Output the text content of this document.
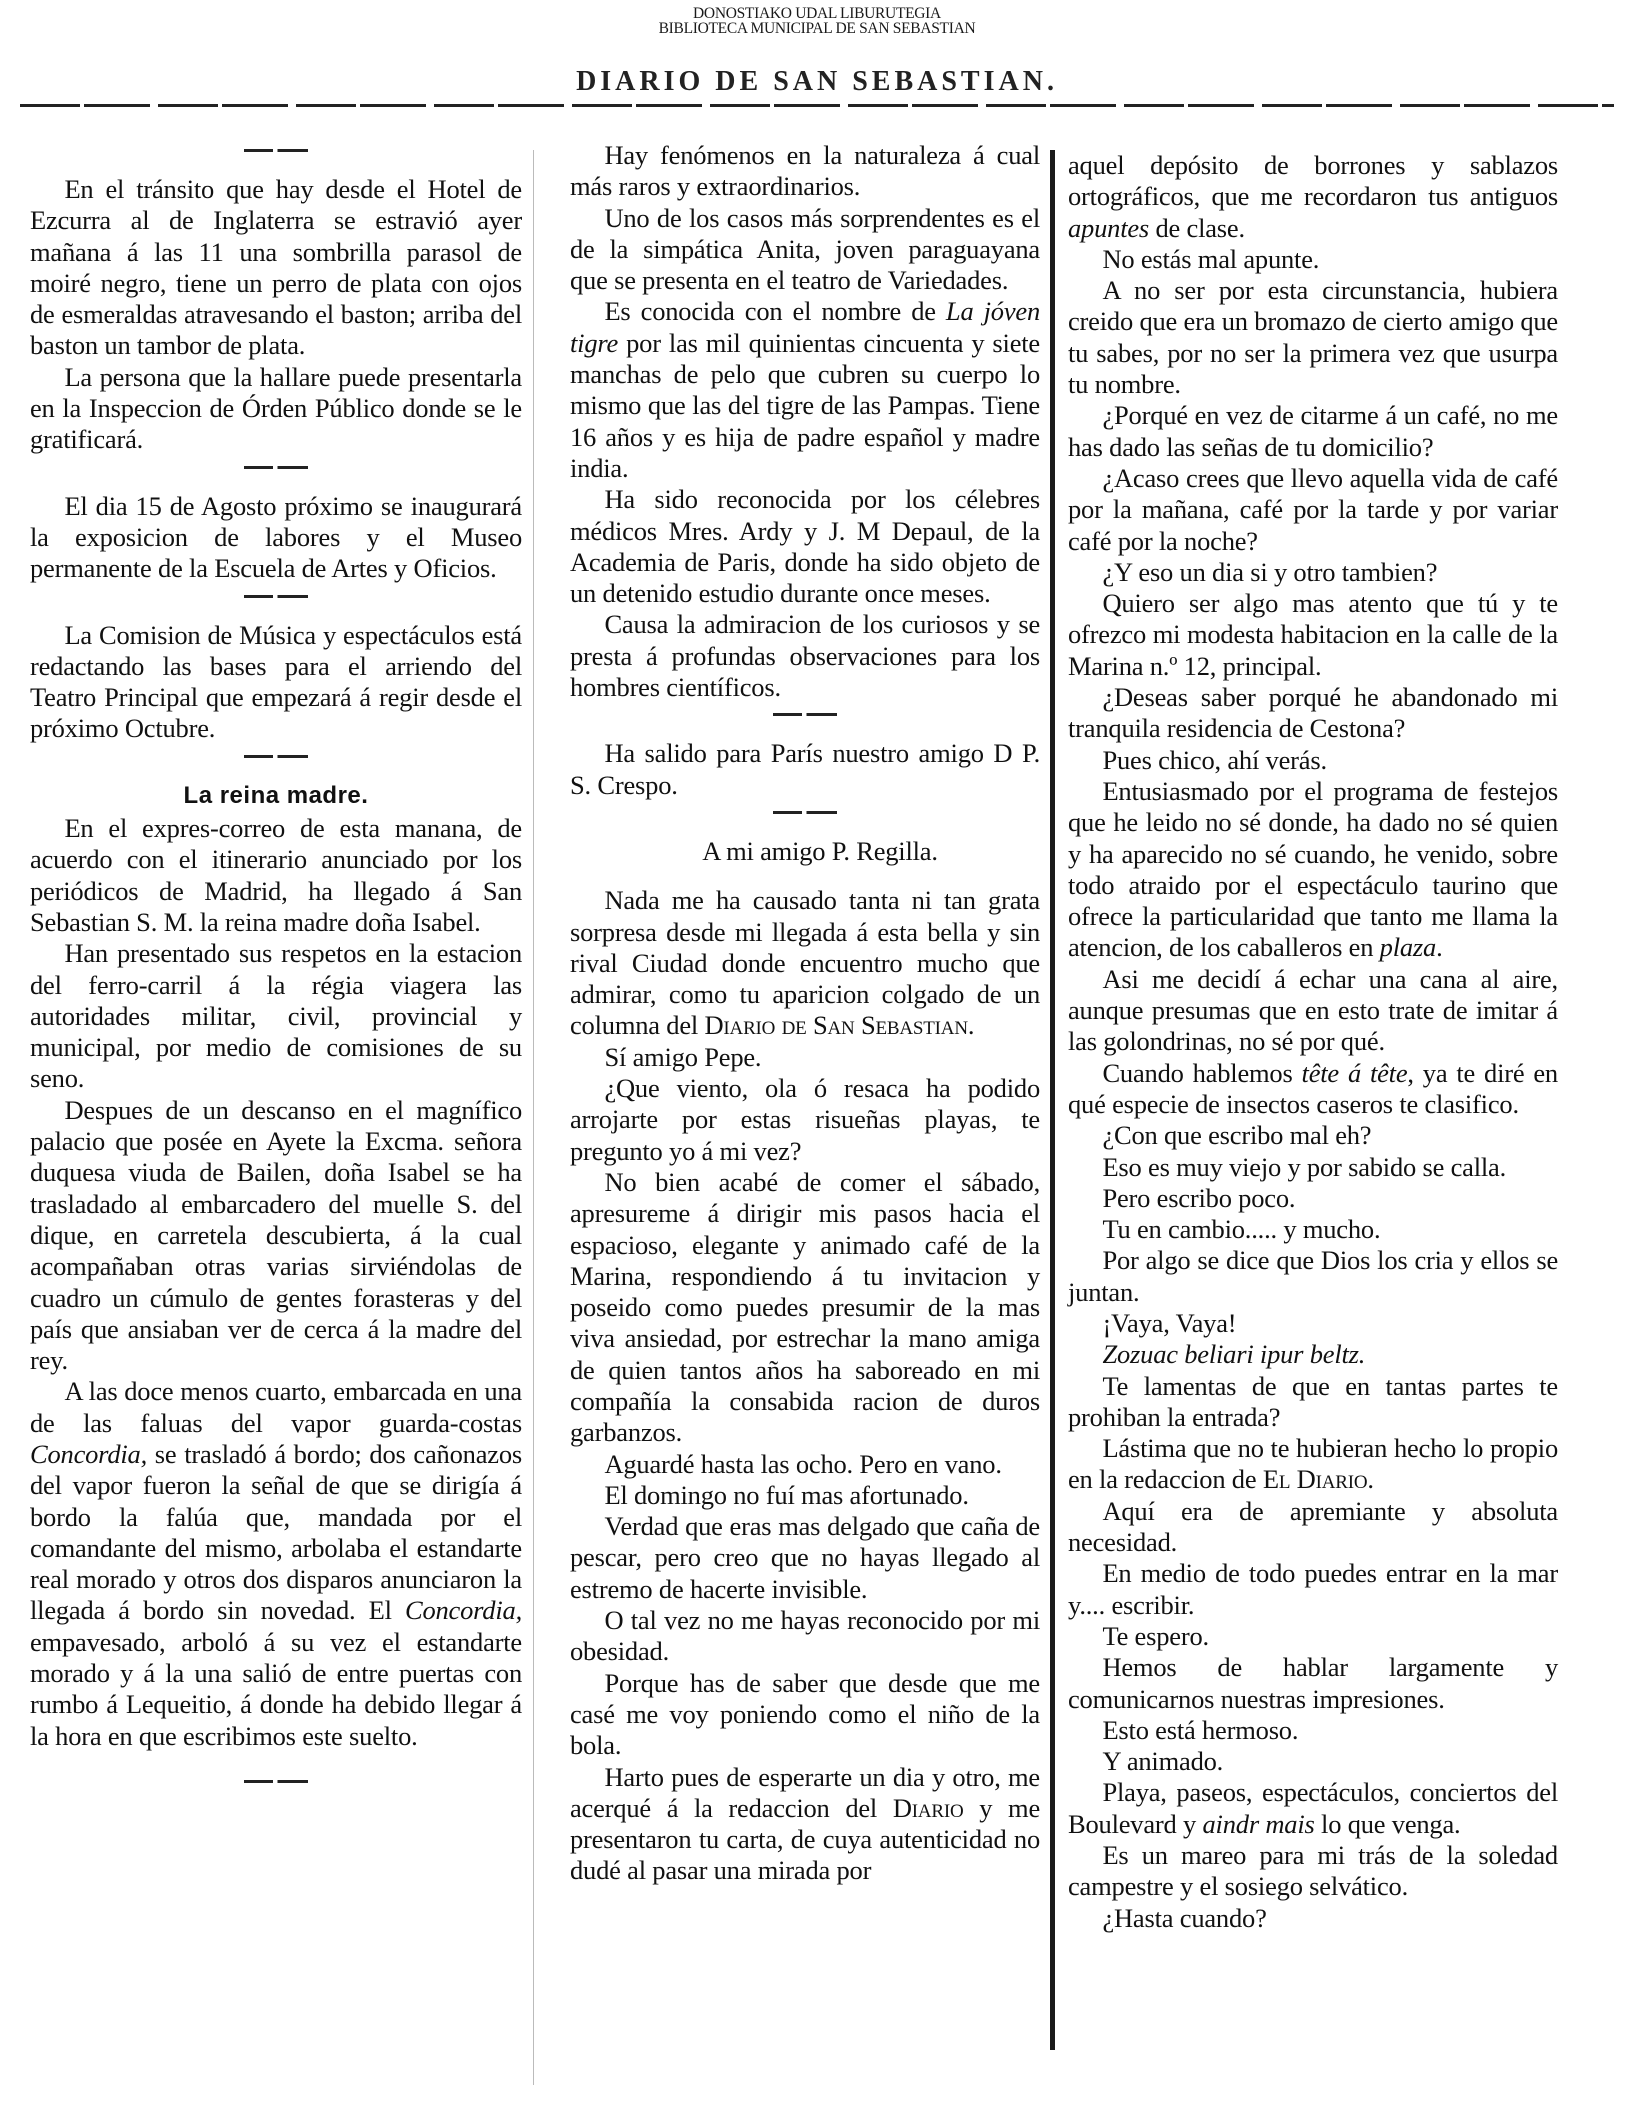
DONOSTIAKO UDAL LIBURUTEGIA
BIBLIOTECA MUNICIPAL DE SAN SEBASTIAN
DIARIO DE SAN SEBASTIAN.

En el tránsito que hay desde el Hotel de Ezcurra al de Inglaterra se estravió ayer mañana á las 11 una sombrilla parasol de moiré negro, tiene un perro de plata con ojos de esmeraldas atravesando el baston; arriba del baston un tambor de plata.

La persona que la hallare puede presentarla en la Inspeccion de Órden Público donde se le gratificará.

El dia 15 de Agosto próximo se inaugurará la exposicion de labores y el Museo permanente de la Escuela de Artes y Oficios.

La Comision de Música y espectáculos está redactando las bases para el arriendo del Teatro Principal que empezará á regir desde el próximo Octubre.

La reina madre.

En el expres-correo de esta manana, de acuerdo con el itinerario anunciado por los periódicos de Madrid, ha llegado á San Sebastian S. M. la reina madre doña Isabel.

Han presentado sus respetos en la estacion del ferro-carril á la régia viagera las autoridades militar, civil, provincial y municipal, por medio de comisiones de su seno.

Despues de un descanso en el magnífico palacio que posée en Ayete la Excma. señora duquesa viuda de Bailen, doña Isabel se ha trasladado al embarcadero del muelle S. del dique, en carretela descubierta, á la cual acompañaban otras varias sirviéndolas de cuadro un cúmulo de gentes forasteras y del país que ansiaban ver de cerca á la madre del rey.

A las doce menos cuarto, embarcada en una de las faluas del vapor guarda-costas Concordia, se trasladó á bordo; dos cañonazos del vapor fueron la señal de que se dirigía á bordo la falúa que, mandada por el comandante del mismo, arbolaba el estandarte real morado y otros dos disparos anunciaron la llegada á bordo sin novedad. El Concordia, empavesado, arboló á su vez el estandarte morado y á la una salió de entre puertas con rumbo á Lequeitio, á donde ha debido llegar á la hora en que escribimos este suelto.

Hay fenómenos en la naturaleza á cual más raros y extraordinarios.

Uno de los casos más sorprendentes es el de la simpática Anita, joven paraguayana que se presenta en el teatro de Variedades.

Es conocida con el nombre de La jóven tigre por las mil quinientas cincuenta y siete manchas de pelo que cubren su cuerpo lo mismo que las del tigre de las Pampas. Tiene 16 años y es hija de padre español y madre india.

Ha sido reconocida por los célebres médicos Mres. Ardy y J. M Depaul, de la Academia de Paris, donde ha sido objeto de un detenido estudio durante once meses.

Causa la admiracion de los curiosos y se presta á profundas observaciones para los hombres científicos.

Ha salido para París nuestro amigo D P. S. Crespo.

A mi amigo P. Regilla.

Nada me ha causado tanta ni tan grata sorpresa desde mi llegada á esta bella y sin rival Ciudad donde encuentro mucho que admirar, como tu aparicion colgado de un columna del Diario de San Sebastian.

Sí amigo Pepe.

¿Que viento, ola ó resaca ha podido arrojarte por estas risueñas playas, te pregunto yo á mi vez?

No bien acabé de comer el sábado, apresureme á dirigir mis pasos hacia el espacioso, elegante y animado café de la Marina, respondiendo á tu invitacion y poseido como puedes presumir de la mas viva ansiedad, por estrechar la mano amiga de quien tantos años ha saboreado en mi compañía la consabida racion de duros garbanzos.

Aguardé hasta las ocho. Pero en vano.

El domingo no fuí mas afortunado.

Verdad que eras mas delgado que caña de pescar, pero creo que no hayas llegado al estremo de hacerte invisible.

O tal vez no me hayas reconocido por mi obesidad.

Porque has de saber que desde que me casé me voy poniendo como el niño de la bola.

Harto pues de esperarte un dia y otro, me acerqué á la redaccion del Diario y me presentaron tu carta, de cuya autenticidad no dudé al pasar una mirada por

aquel depósito de borrones y sablazos ortográficos, que me recordaron tus antiguos apuntes de clase.

No estás mal apunte.

A no ser por esta circunstancia, hubiera creido que era un bromazo de cierto amigo que tu sabes, por no ser la primera vez que usurpa tu nombre.

¿Porqué en vez de citarme á un café, no me has dado las señas de tu domicilio?

¿Acaso crees que llevo aquella vida de café por la mañana, café por la tarde y por variar café por la noche?

¿Y eso un dia si y otro tambien?

Quiero ser algo mas atento que tú y te ofrezco mi modesta habitacion en la calle de la Marina n.º 12, principal.

¿Deseas saber porqué he abandonado mi tranquila residencia de Cestona?

Pues chico, ahí verás.

Entusiasmado por el programa de festejos que he leido no sé donde, ha dado no sé quien y ha aparecido no sé cuando, he venido, sobre todo atraido por el espectáculo taurino que ofrece la particularidad que tanto me llama la atencion, de los caballeros en plaza.

Asi me decidí á echar una cana al aire, aunque presumas que en esto trate de imitar á las golondrinas, no sé por qué.

Cuando hablemos tête á tête, ya te diré en qué especie de insectos caseros te clasifico.

¿Con que escribo mal eh?

Eso es muy viejo y por sabido se calla.

Pero escribo poco.

Tu en cambio..... y mucho.

Por algo se dice que Dios los cria y ellos se juntan.

¡Vaya, Vaya!

Zozuac beliari ipur beltz.

Te lamentas de que en tantas partes te prohiban la entrada?

Lástima que no te hubieran hecho lo propio en la redaccion de El Diario.

Aquí era de apremiante y absoluta necesidad.

En medio de todo puedes entrar en la mar y.... escribir.

Te espero.

Hemos de hablar largamente y comunicarnos nuestras impresiones.

Esto está hermoso.

Y animado.

Playa, paseos, espectáculos, conciertos del Boulevard y aindr mais lo que venga.

Es un mareo para mi trás de la soledad campestre y el sosiego selvático.

¿Hasta cuando?
